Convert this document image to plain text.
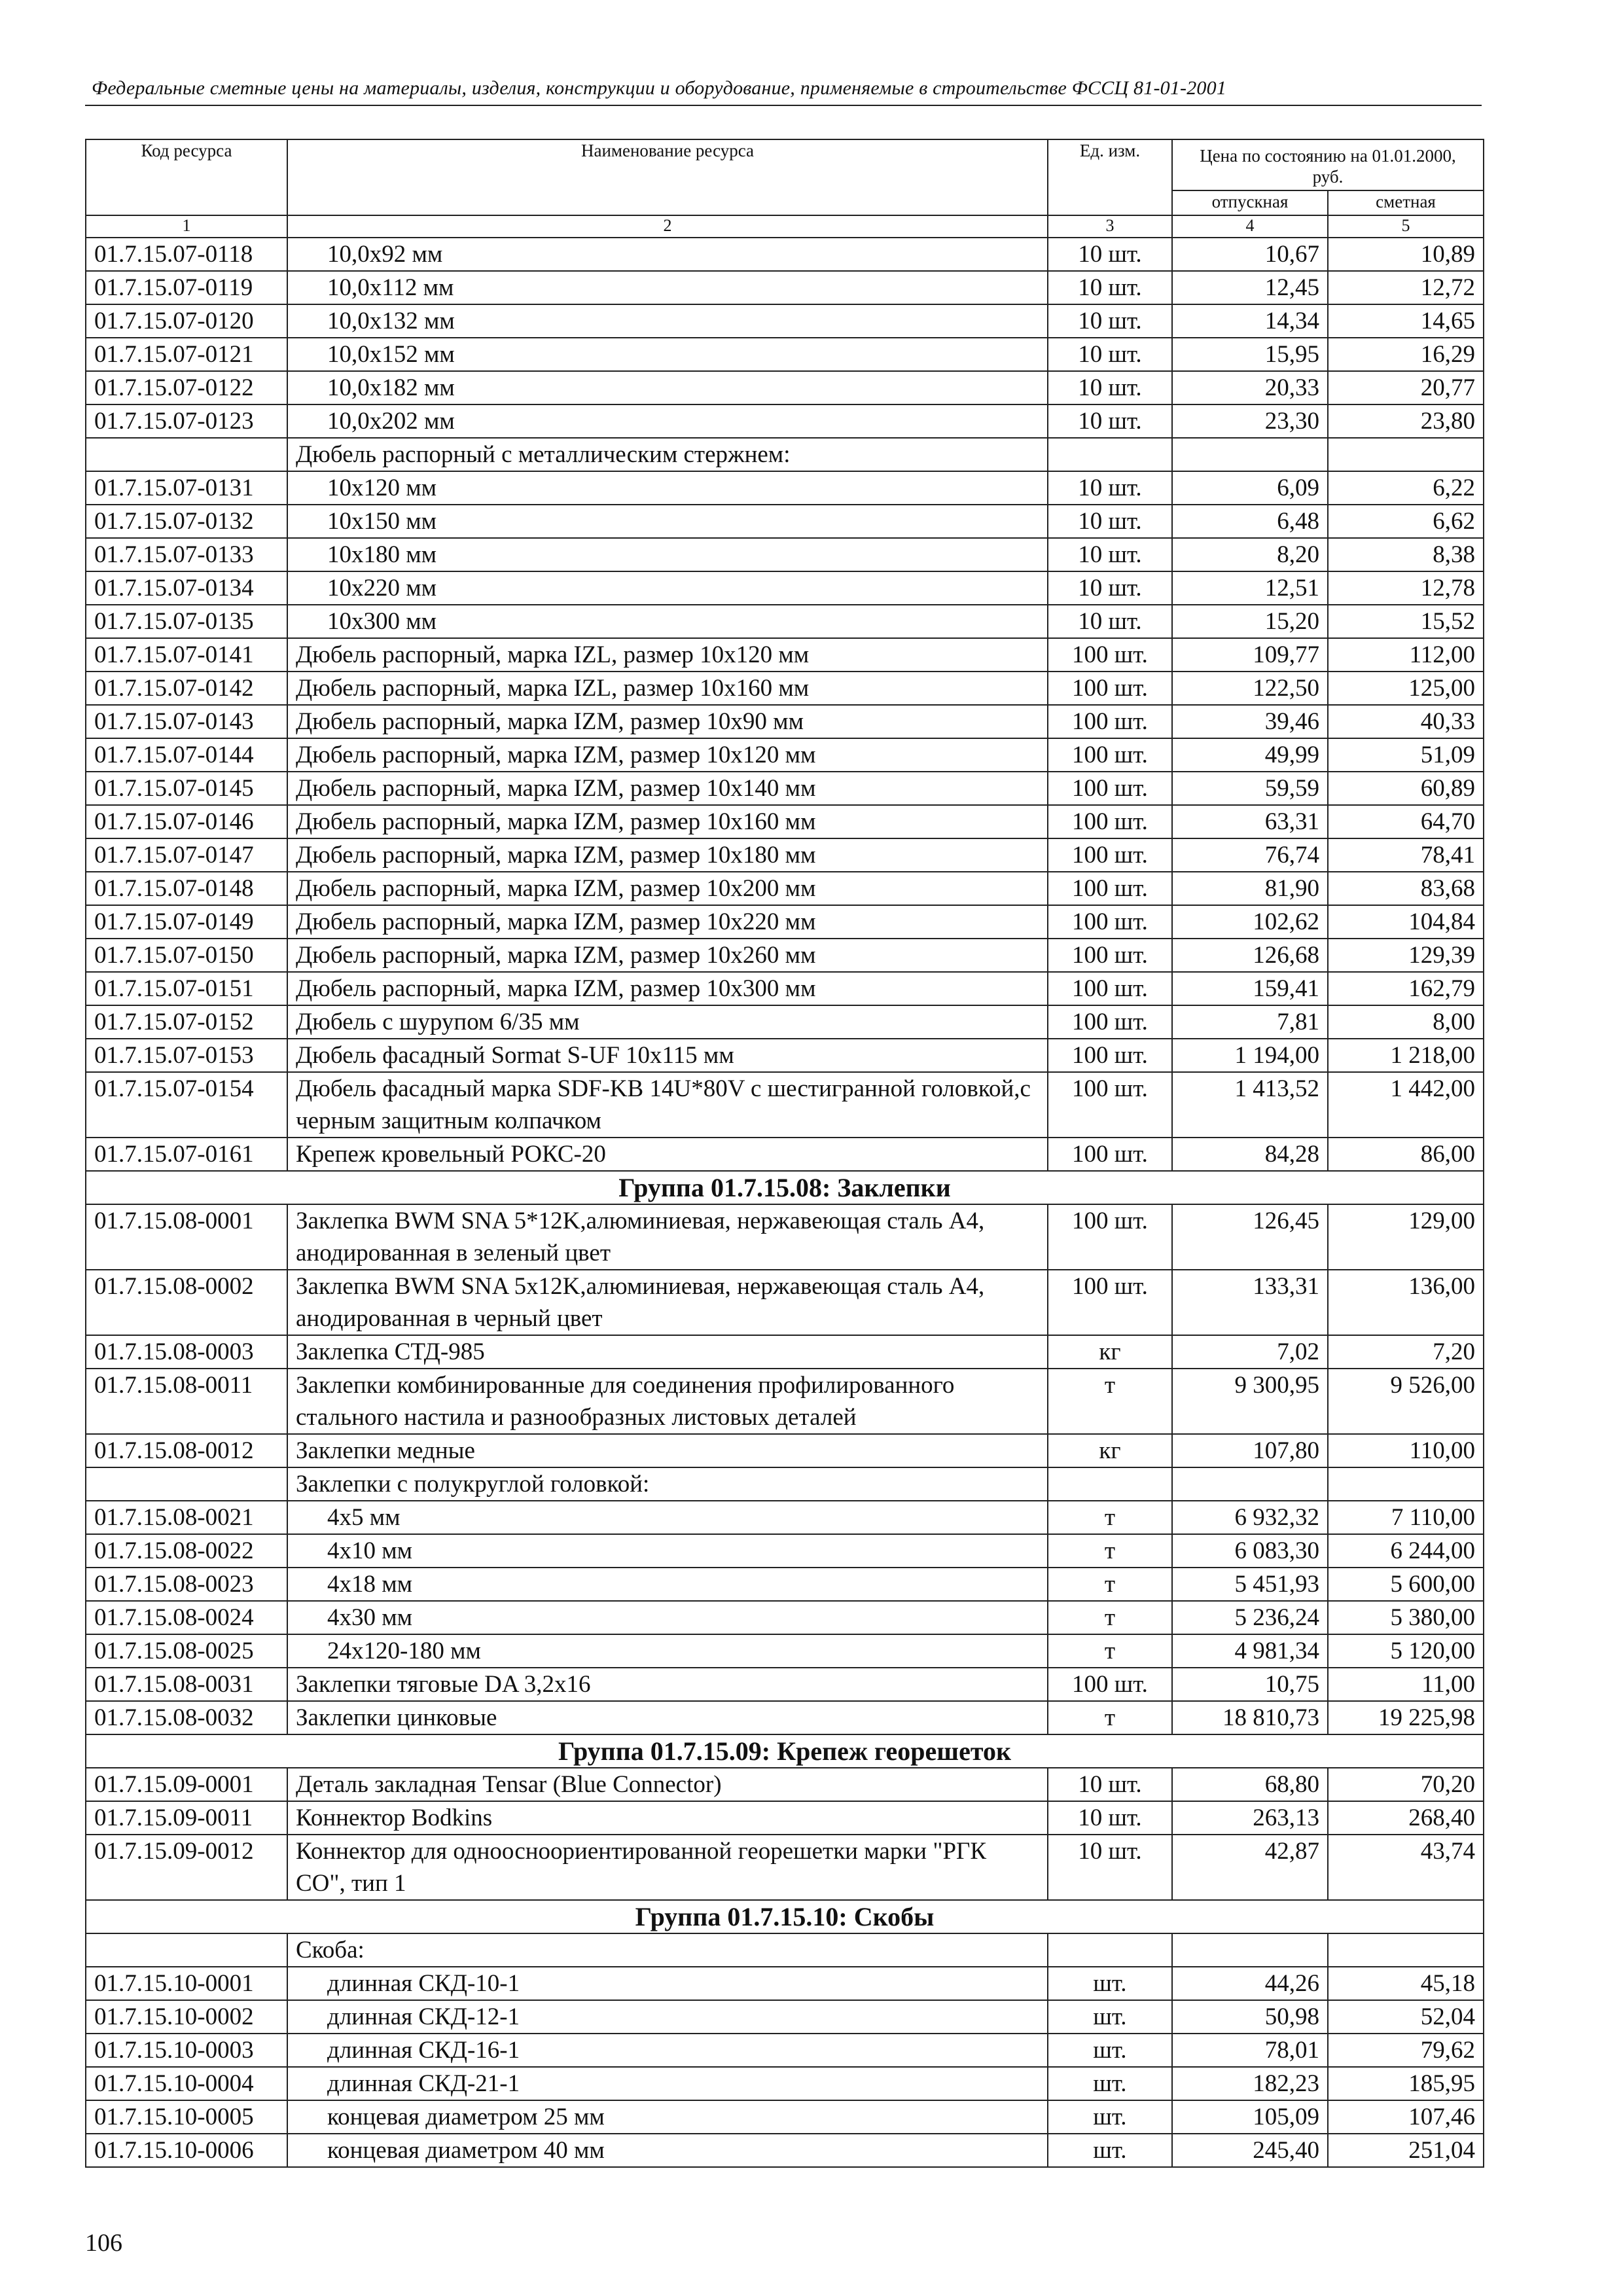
Федеральные сметные цены на материалы, изделия, конструкции и оборудование, применяемые в строительстве ФССЦ 81-01-2001
Код ресурса	Наименование ресурса	Ед. изм.	Цена по состоянию на 01.01.2000, руб.	
			отпускная	сметная
1	2	3	4	5
01.7.15.07-0118	10,0x92 мм	10 шт.	10,67	10,89
01.7.15.07-0119	10,0x112 мм	10 шт.	12,45	12,72
01.7.15.07-0120	10,0x132 мм	10 шт.	14,34	14,65
01.7.15.07-0121	10,0x152 мм	10 шт.	15,95	16,29
01.7.15.07-0122	10,0x182 мм	10 шт.	20,33	20,77
01.7.15.07-0123	10,0x202 мм	10 шт.	23,30	23,80
	Дюбель распорный с металлическим стержнем:			
01.7.15.07-0131	10x120 мм	10 шт.	6,09	6,22
01.7.15.07-0132	10x150 мм	10 шт.	6,48	6,62
01.7.15.07-0133	10x180 мм	10 шт.	8,20	8,38
01.7.15.07-0134	10x220 мм	10 шт.	12,51	12,78
01.7.15.07-0135	10x300 мм	10 шт.	15,20	15,52
01.7.15.07-0141	Дюбель распорный, марка IZL, размер 10x120 мм	100 шт.	109,77	112,00
01.7.15.07-0142	Дюбель распорный, марка IZL, размер 10x160 мм	100 шт.	122,50	125,00
01.7.15.07-0143	Дюбель распорный, марка IZM, размер 10x90 мм	100 шт.	39,46	40,33
01.7.15.07-0144	Дюбель распорный, марка IZM, размер 10x120 мм	100 шт.	49,99	51,09
01.7.15.07-0145	Дюбель распорный, марка IZM, размер 10x140 мм	100 шт.	59,59	60,89
01.7.15.07-0146	Дюбель распорный, марка IZM, размер 10x160 мм	100 шт.	63,31	64,70
01.7.15.07-0147	Дюбель распорный, марка IZM, размер 10x180 мм	100 шт.	76,74	78,41
01.7.15.07-0148	Дюбель распорный, марка IZM, размер 10x200 мм	100 шт.	81,90	83,68
01.7.15.07-0149	Дюбель распорный, марка IZM, размер 10x220 мм	100 шт.	102,62	104,84
01.7.15.07-0150	Дюбель распорный, марка IZM, размер 10x260 мм	100 шт.	126,68	129,39
01.7.15.07-0151	Дюбель распорный, марка IZM, размер 10x300 мм	100 шт.	159,41	162,79
01.7.15.07-0152	Дюбель с шурупом 6/35 мм	100 шт.	7,81	8,00
01.7.15.07-0153	Дюбель фасадный Sormat S-UF 10x115 мм	100 шт.	1 194,00	1 218,00
01.7.15.07-0154	Дюбель фасадный марка SDF-KB 14U*80V с шестигранной головкой,с черным защитным колпачком	100 шт.	1 413,52	1 442,00
01.7.15.07-0161	Крепеж кровельный РОКС-20	100 шт.	84,28	86,00
Группа 01.7.15.08: Заклепки				
01.7.15.08-0001	Заклепка BWM SNA 5*12K,алюминиевая, нержавеющая сталь А4, анодированная в зеленый цвет	100 шт.	126,45	129,00
01.7.15.08-0002	Заклепка BWM SNA 5x12K,алюминиевая, нержавеющая сталь А4, анодированная в черный цвет	100 шт.	133,31	136,00
01.7.15.08-0003	Заклепка СТД-985	кг	7,02	7,20
01.7.15.08-0011	Заклепки комбинированные для соединения профилированного стального настила и разнообразных листовых деталей	т	9 300,95	9 526,00
01.7.15.08-0012	Заклепки медные	кг	107,80	110,00
	Заклепки с полукруглой головкой:			
01.7.15.08-0021	4x5 мм	т	6 932,32	7 110,00
01.7.15.08-0022	4x10 мм	т	6 083,30	6 244,00
01.7.15.08-0023	4x18 мм	т	5 451,93	5 600,00
01.7.15.08-0024	4x30 мм	т	5 236,24	5 380,00
01.7.15.08-0025	24x120-180 мм	т	4 981,34	5 120,00
01.7.15.08-0031	Заклепки тяговые DA 3,2x16	100 шт.	10,75	11,00
01.7.15.08-0032	Заклепки цинковые	т	18 810,73	19 225,98
Группа 01.7.15.09: Крепеж георешеток				
01.7.15.09-0001	Деталь закладная Tensar (Blue Connector)	10 шт.	68,80	70,20
01.7.15.09-0011	Коннектор Bodkins	10 шт.	263,13	268,40
01.7.15.09-0012	Коннектор для одноосноориентированной георешетки марки "РГК СО", тип 1	10 шт.	42,87	43,74
Группа 01.7.15.10: Скобы				
	Скоба:			
01.7.15.10-0001	длинная СКД-10-1	шт.	44,26	45,18
01.7.15.10-0002	длинная СКД-12-1	шт.	50,98	52,04
01.7.15.10-0003	длинная СКД-16-1	шт.	78,01	79,62
01.7.15.10-0004	длинная СКД-21-1	шт.	182,23	185,95
01.7.15.10-0005	концевая диаметром 25 мм	шт.	105,09	107,46
01.7.15.10-0006	концевая диаметром 40 мм	шт.	245,40	251,04
106
